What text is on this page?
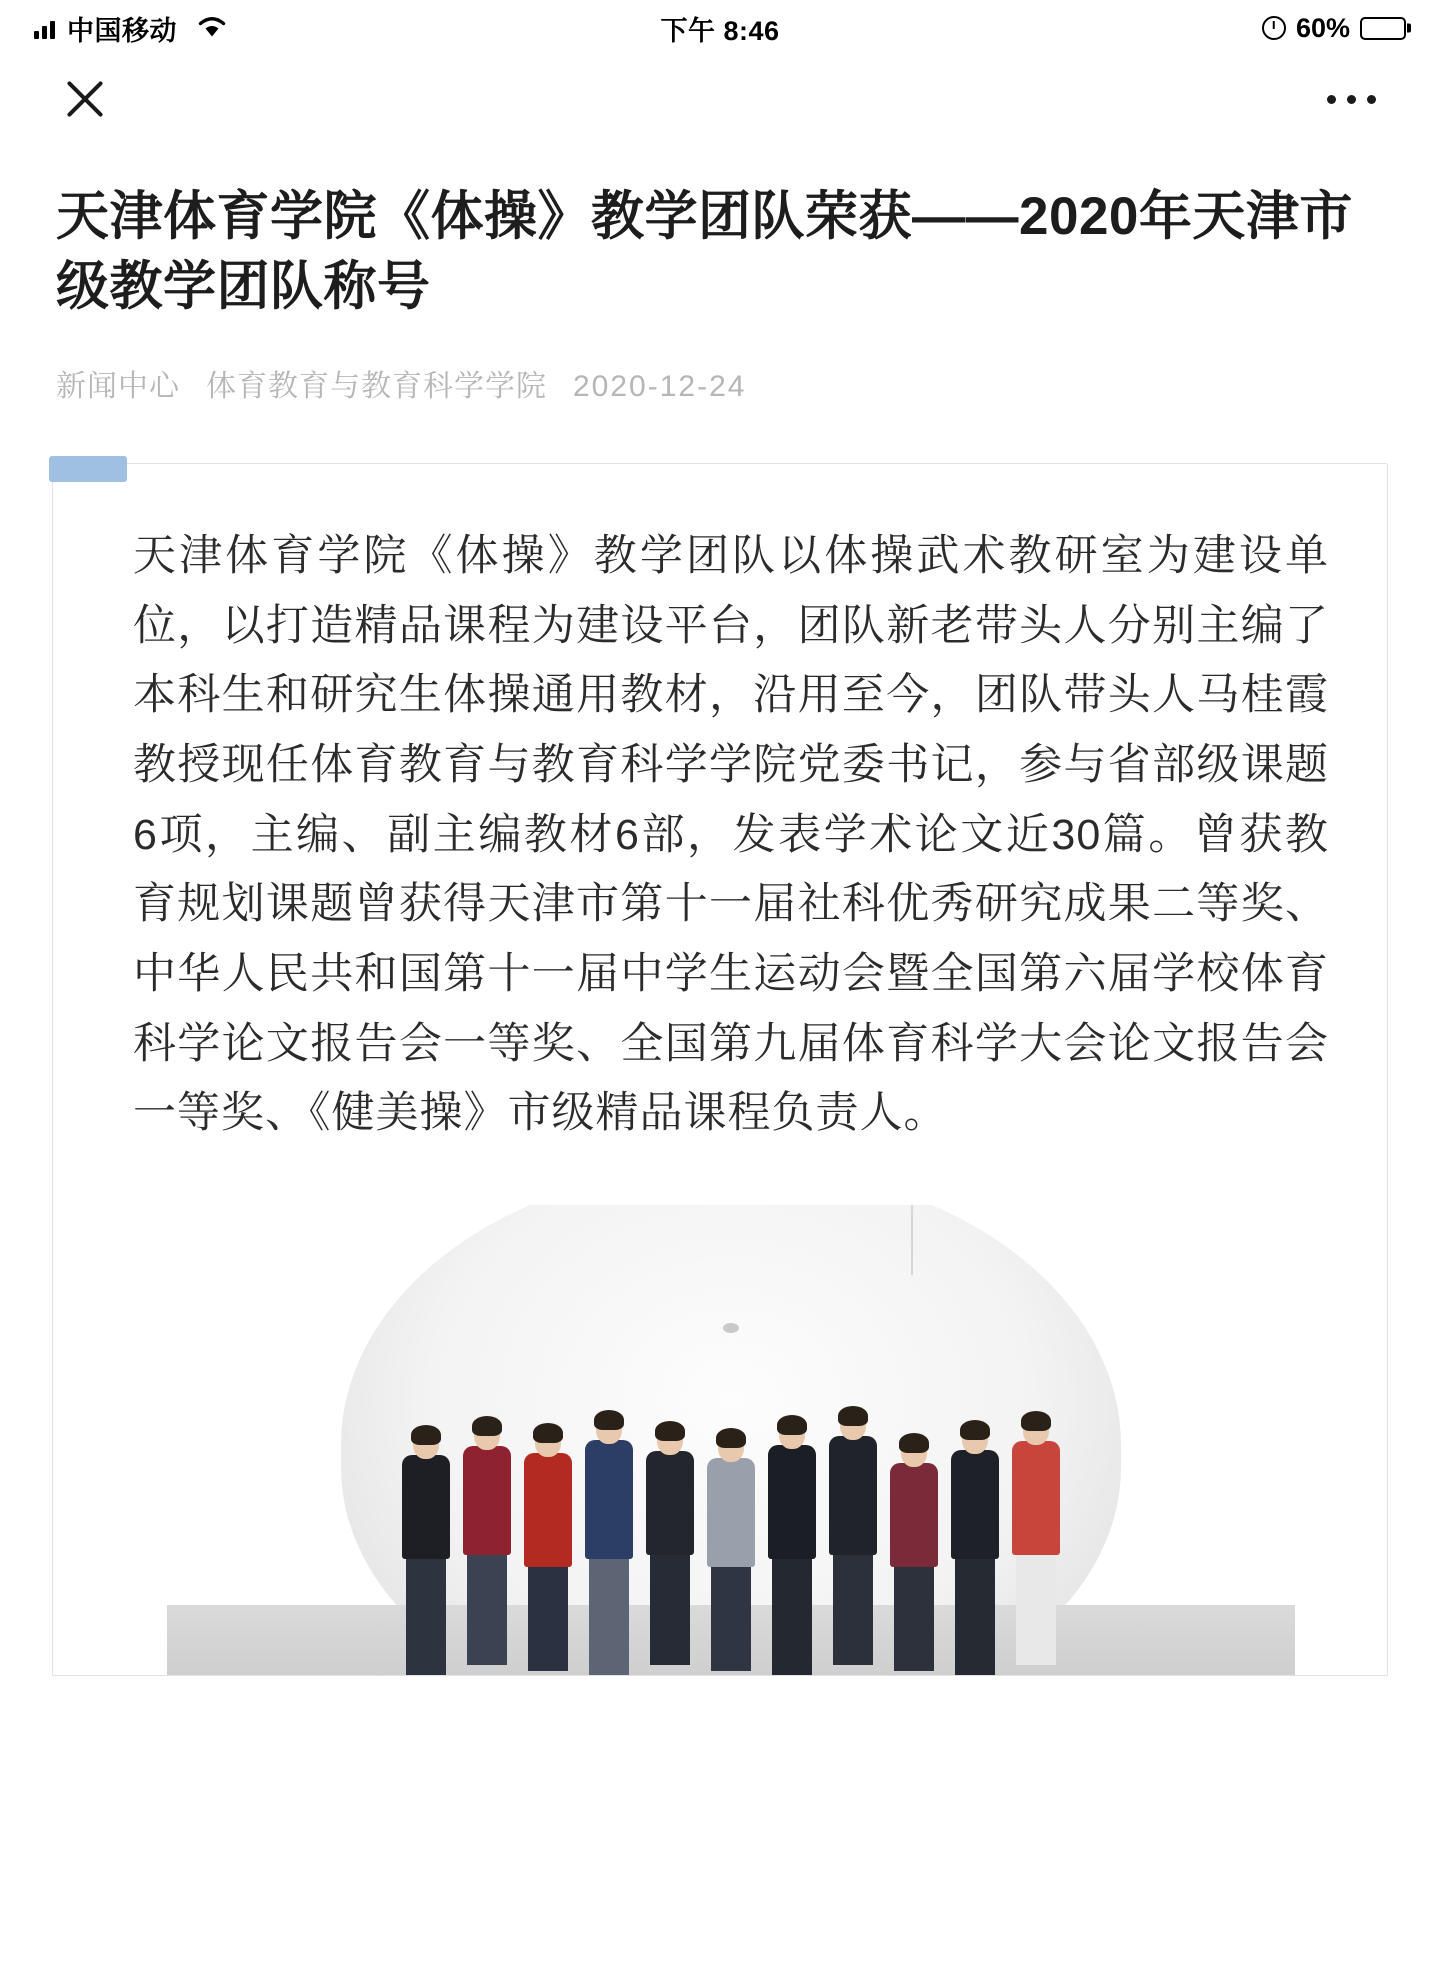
中国移动	下午 8:46	60%
天津体育学院《体操》教学团队荣获——2020年天津市级教学团队称号
新闻中心 体育教育与教育科学学院 2020-12-24

天津体育学院《体操》教学团队以体操武术教研室为建设单位，以打造精品课程为建设平台，团队新老带头人分别主编了本科生和研究生体操通用教材，沿用至今，团队带头人马桂霞教授现任体育教育与教育科学学院党委书记，参与省部级课题6项，主编、副主编教材6部，发表学术论文近30篇。曾获教育规划课题曾获得天津市第十一届社科优秀研究成果二等奖、中华人民共和国第十一届中学生运动会暨全国第六届学校体育科学论文报告会一等奖、全国第九届体育科学大会论文报告会一等奖、《健美操》市级精品课程负责人。
